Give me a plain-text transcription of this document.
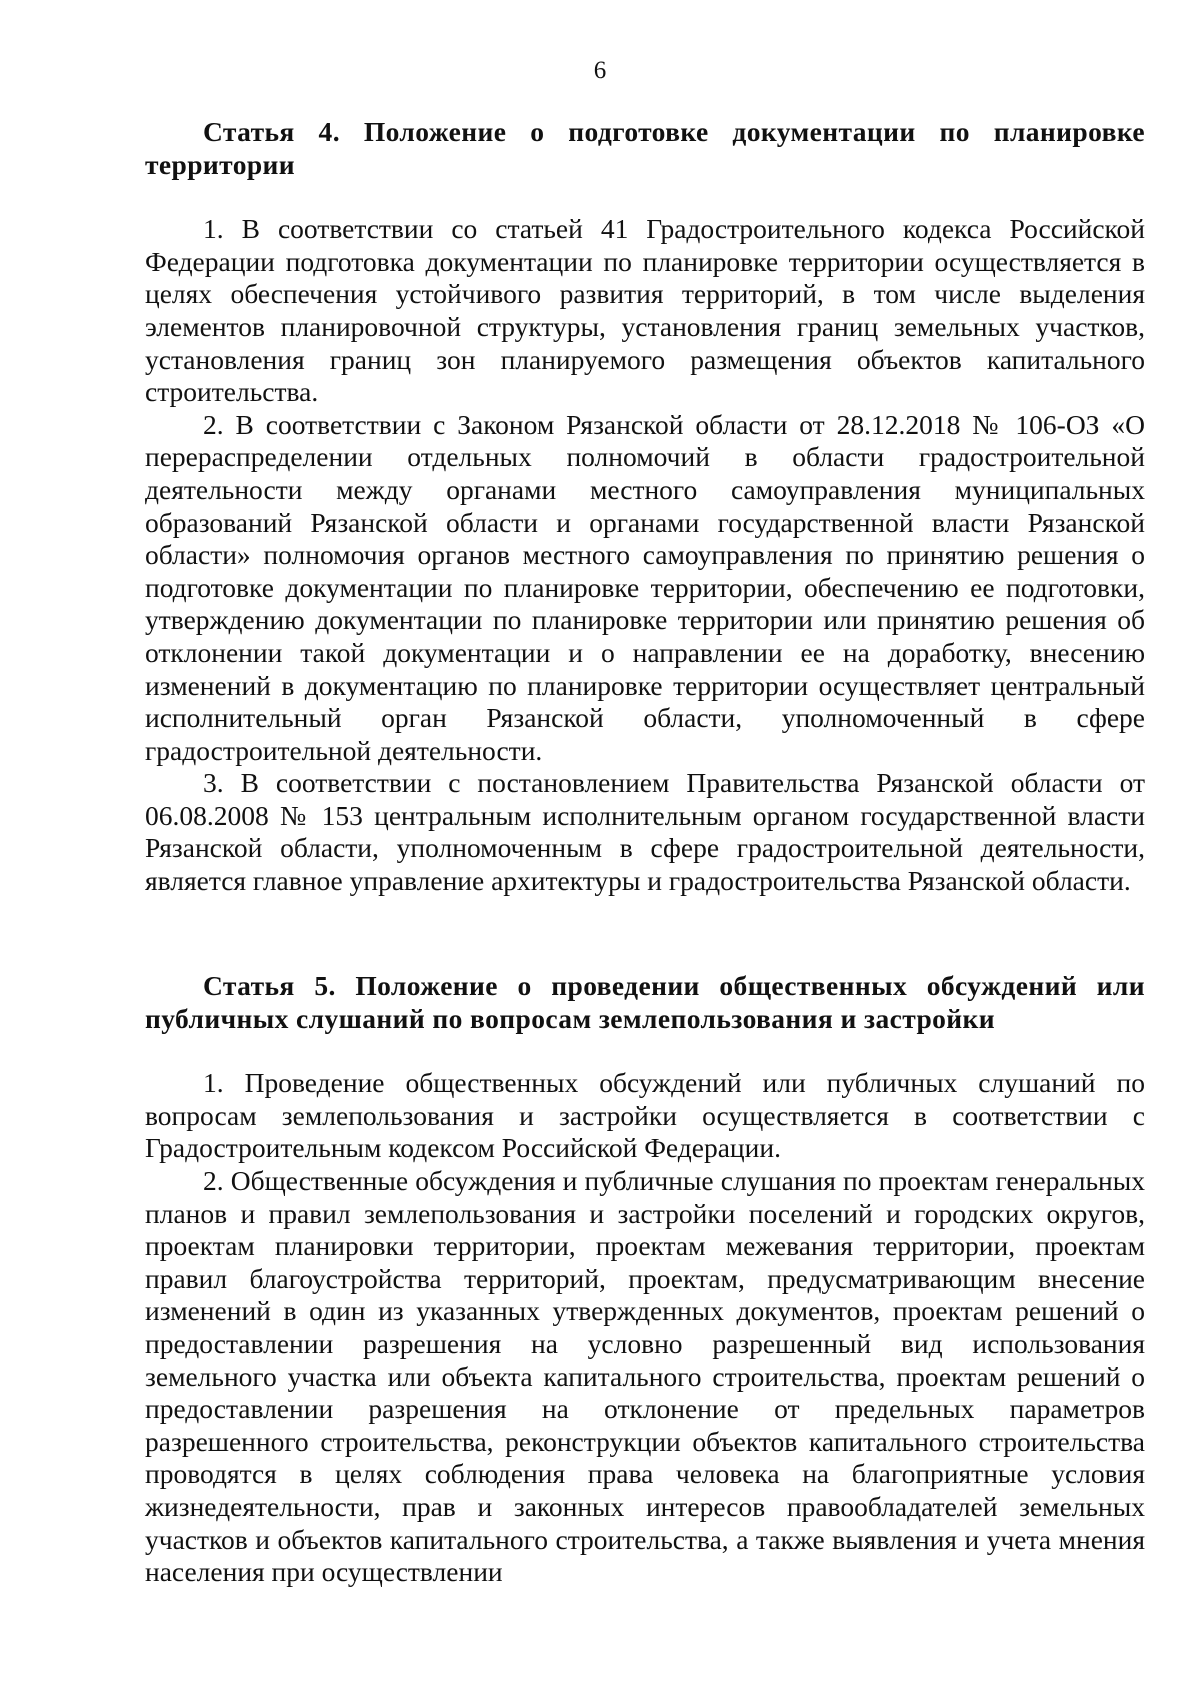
6

Статья 4. Положение о подготовке документации по планировке территории

1. В соответствии со статьей 41 Градостроительного кодекса Российской Федерации подготовка документации по планировке территории осуществляется в целях обеспечения устойчивого развития территорий, в том числе выделения элементов планировочной структуры, установления границ земельных участков, установления границ зон планируемого размещения объектов капитального строительства.

2. В соответствии с Законом Рязанской области от 28.12.2018 № 106-ОЗ «О перераспределении отдельных полномочий в области градостроительной деятельности между органами местного самоуправления муниципальных образований Рязанской области и органами государственной власти Рязанской области» полномочия органов местного самоуправления по принятию решения о подготовке документации по планировке территории, обеспечению ее подготовки, утверждению документации по планировке территории или принятию решения об отклонении такой документации и о направлении ее на доработку, внесению изменений в документацию по планировке территории осуществляет центральный исполнительный орган Рязанской области, уполномоченный в сфере градостроительной деятельности.

3. В соответствии с постановлением Правительства Рязанской области от 06.08.2008 № 153 центральным исполнительным органом государственной власти Рязанской области, уполномоченным в сфере градостроительной деятельности, является главное управление архитектуры и градостроительства Рязанской области.

Статья 5. Положение о проведении общественных обсуждений или публичных слушаний по вопросам землепользования и застройки

1. Проведение общественных обсуждений или публичных слушаний по вопросам землепользования и застройки осуществляется в соответствии с Градостроительным кодексом Российской Федерации.

2. Общественные обсуждения и публичные слушания по проектам генеральных планов и правил землепользования и застройки поселений и городских округов, проектам планировки территории, проектам межевания территории, проектам правил благоустройства территорий, проектам, предусматривающим внесение изменений в один из указанных утвержденных документов, проектам решений о предоставлении разрешения на условно разрешенный вид использования земельного участка или объекта капитального строительства, проектам решений о предоставлении разрешения на отклонение от предельных параметров разрешенного строительства, реконструкции объектов капитального строительства проводятся в целях соблюдения права человека на благоприятные условия жизнедеятельности, прав и законных интересов правообладателей земельных участков и объектов капитального строительства, а также выявления и учета мнения населения при осуществлении
